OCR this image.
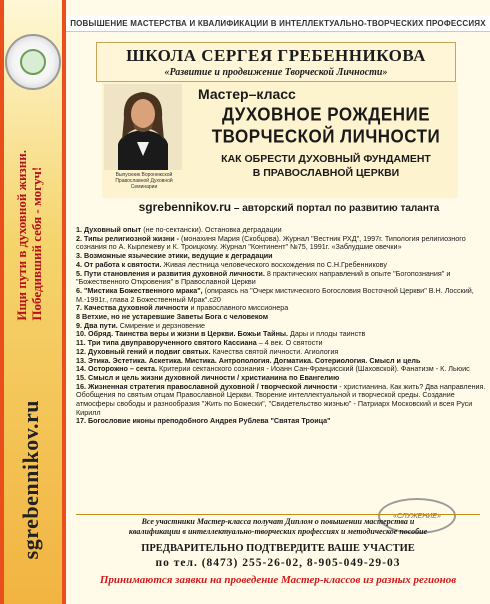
Ищи пути в духовной жизни. Победивший себя - могуч!
sgrebennikov.ru
ПОВЫШЕНИЕ МАСТЕРСТВА И КВАЛИФИКАЦИИ В ИНТЕЛЛЕКТУАЛЬНО-ТВОРЧЕСКИХ ПРОФЕССИЯХ
ШКОЛА СЕРГЕЯ ГРЕБЕННИКОВА
«Развитие и продвижение Творческой Личности»
Выпускник Воронежской Православной Духовной Семинарии
Мастер–класс
ДУХОВНОЕ РОЖДЕНИЕ
ТВОРЧЕСКОЙ ЛИЧНОСТИ
КАК ОБРЕСТИ ДУХОВНЫЙ ФУНДАМЕНТ
В ПРАВОСЛАВНОЙ ЦЕРКВИ
sgrebennikov.ru – авторский портал по развитию таланта
1. Духовный опыт (не по-сектански). Остановка деградации
2. Типы религиозной жизни - (монахиня Мария (Скобцова). Журнал "Вестник РХД", 1997г. Типология религиозного сознания по А. Кырлежеву и К. Троицкому. Журнал "Континент" №75, 1991г. «Заблудшие овечки»
3. Возможные языческие этики, ведущие к деградации
4. От работа к святости. Живая лестница человеческого восхождения по С.Н.Гребенникову
5. Пути становления и развития духовной личности. 8 практических направлений в опыте "Богопознания" и "Божественного Откровения" в Православной Церкви
6. "Мистика Божественного мрака", (опираясь на "Очерк мистического Богословия Восточной Церкви" В.Н. Лосский, М.-1991г., глава 2 Божественный Мрак".с20
7. Качества духовной личности и православного миссионера
8 Ветхие, но не устаревшие Заветы Бога с человеком
9. Два пути. Смирение и дерзновение
10. Обряд. Таинства веры и жизни в Церкви. Божьи Тайны. Дары и плоды таинств
11. Три типа двуправорученного святого Кассиана – 4 век. О святости
12. Духовный гений и подвиг святых. Качества святой личности. Агиология
13. Этика. Эстетика. Аскетика. Мистика. Антропология. Догматика. Сотериология. Смысл и цель
14. Осторожно – секта. Критерии сектанского сознания - Иоанн Сан-Францисский (Шаховской). Фанатизм - К. Льюис
15. Смысл и цель жизни духовной личности / христианина по Евангелию
16. Жизненная стратегия православной духовной / творческой личности - христианина. Как жить? Два направления. Обобщения по святым отцам Православной Церкви. Творение интеллектуальной и творческой среды. Создание атмосферы свободы и разнообразия "Жить по Божески", "Свидетельство жизнью" - Патриарх Московский и всея Руси Кирилл
17. Богословие иконы преподобного Андрея Рублева "Святая Троица"
«СЛУЖЕНИЕ»
Все участники Мастер-класса получат Диплом о повышении мастерства и
квалификации в интеллектуально-творческих профессиях и методическое пособие
ПРЕДВАРИТЕЛЬНО ПОДТВЕРДИТЕ ВАШЕ УЧАСТИЕ
по тел. (8473) 255-26-02, 8-905-049-29-03
Принимаются заявки на проведение Мастер-классов из разных регионов
